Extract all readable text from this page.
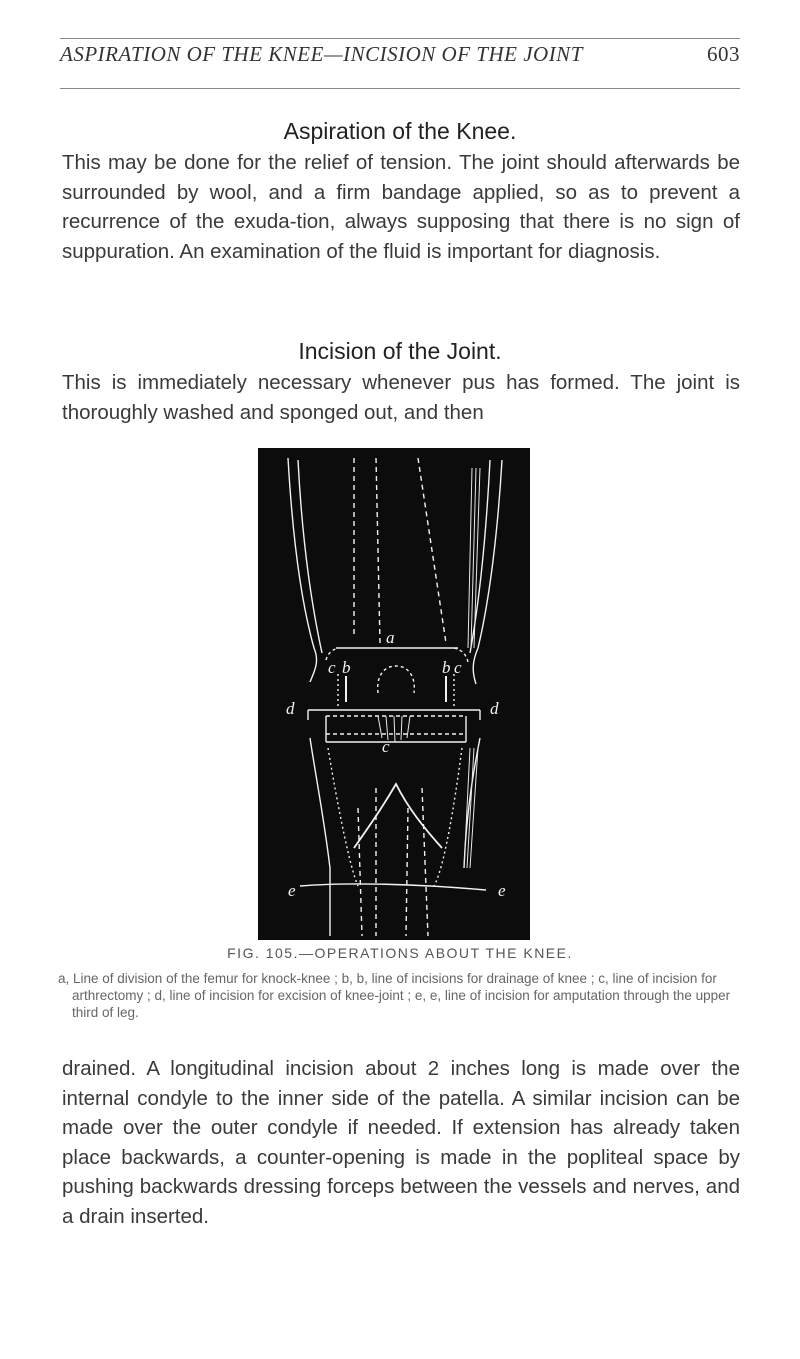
ASPIRATION OF THE KNEE—INCISION OF THE JOINT	603
Aspiration of the Knee.

This may be done for the relief of tension. The joint should afterwards be surrounded by wool, and a firm bandage applied, so as to prevent a recurrence of the exuda-tion, always supposing that there is no sign of suppuration. An examination of the fluid is important for diagnosis.

Incision of the Joint.

This is immediately necessary whenever pus has formed. The joint is thoroughly washed and sponged out, and then

a
c b	b c
d	d
c
e	e
FIG. 105.—OPERATIONS ABOUT THE KNEE.

a, Line of division of the femur for knock-knee ; b, b, line of incisions for drainage of knee ; c, line of incision for arthrectomy ; d, line of incision for excision of knee-joint ; e, e, line of incision for amputation through the upper third of leg.

drained. A longitudinal incision about 2 inches long is made over the internal condyle to the inner side of the patella. A similar incision can be made over the outer condyle if needed. If extension has already taken place backwards, a counter-opening is made in the popliteal space by pushing backwards dressing forceps between the vessels and nerves, and a drain inserted.
